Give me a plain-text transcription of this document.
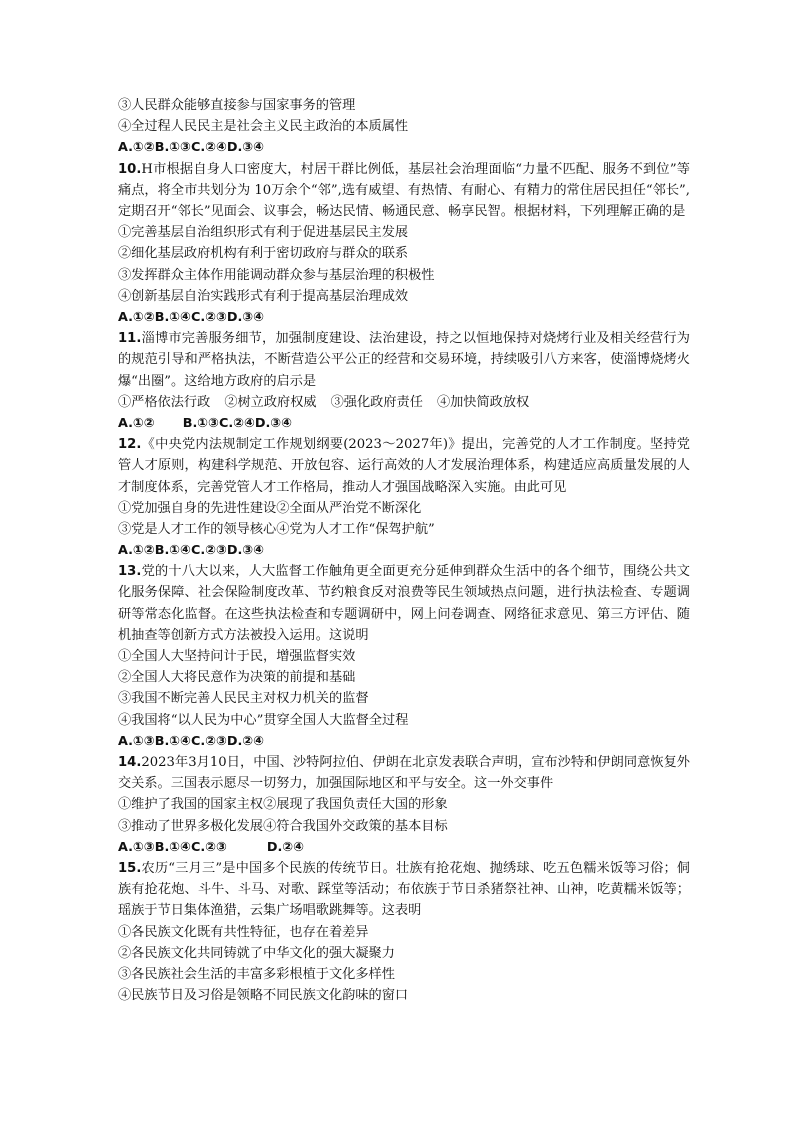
③人民群众能够直接参与国家事务的管理
④全过程人民民主是社会主义民主政治的本质属性
A.①②B.①③C.②④D.③④

10.H市根据自身人口密度大，村居干群比例低，基层社会治理面临“力量不匹配、服务不到位”等痛点，将全市共划分为 10万余个“邻”,选有威望、有热情、有耐心、有精力的常住居民担任“邻长”,定期召开“邻长”见面会、议事会，畅达民情、畅通民意、畅享民智。根据材料，下列理解正确的是

①完善基层自治组织形式有利于促进基层民主发展
②细化基层政府机构有利于密切政府与群众的联系
③发挥群众主体作用能调动群众参与基层治理的积极性
④创新基层自治实践形式有利于提高基层治理成效
A.①②B.①④C.②③D.③④

11.淄博市完善服务细节，加强制度建设、法治建设，持之以恒地保持对烧烤行业及相关经营行为的规范引导和严格执法，不断营造公平公正的经营和交易环境，持续吸引八方来客，使淄博烧烤火爆“出圈”。这给地方政府的启示是

①严格依法行政 ②树立政府权威 ③强化政府责任 ④加快简政放权
A.①② B.①③C.②④D.③④

12.《中央党内法规制定工作规划纲要(2023～2027年)》提出，完善党的人才工作制度。坚持党管人才原则，构建科学规范、开放包容、运行高效的人才发展治理体系，构建适应高质量发展的人才制度体系，完善党管人才工作格局，推动人才强国战略深入实施。由此可见

①党加强自身的先进性建设②全面从严治党不断深化
③党是人才工作的领导核心④党为人才工作“保驾护航”
A.①②B.①④C.②③D.③④

13.党的十八大以来，人大监督工作触角更全面更充分延伸到群众生活中的各个细节，围绕公共文化服务保障、社会保险制度改革、节约粮食反对浪费等民生领域热点问题，进行执法检查、专题调研等常态化监督。在这些执法检查和专题调研中，网上问卷调查、网络征求意见、第三方评估、随机抽查等创新方式方法被投入运用。这说明

①全国人大坚持问计于民，增强监督实效
②全国人大将民意作为决策的前提和基础
③我国不断完善人民民主对权力机关的监督
④我国将“以人民为中心”贯穿全国人大监督全过程
A.①③B.①④C.②③D.②④

14.2023年3月10日，中国、沙特阿拉伯、伊朗在北京发表联合声明，宣布沙特和伊朗同意恢复外交关系。三国表示愿尽一切努力，加强国际地区和平与安全。这一外交事件

①维护了我国的国家主权②展现了我国负责任大国的形象
③推动了世界多极化发展④符合我国外交政策的基本目标
A.①③B.①④C.②③	D.②④

15.农历“三月三”是中国多个民族的传统节日。壮族有抢花炮、抛绣球、吃五色糯米饭等习俗；侗族有抢花炮、斗牛、斗马、对歌、踩堂等活动；布依族于节日杀猪祭社神、山神，吃黄糯米饭等；瑶族于节日集体渔猎，云集广场唱歌跳舞等。这表明

①各民族文化既有共性特征，也存在着差异
②各民族文化共同铸就了中华文化的强大凝聚力
③各民族社会生活的丰富多彩根植于文化多样性
④民族节日及习俗是领略不同民族文化韵味的窗口
